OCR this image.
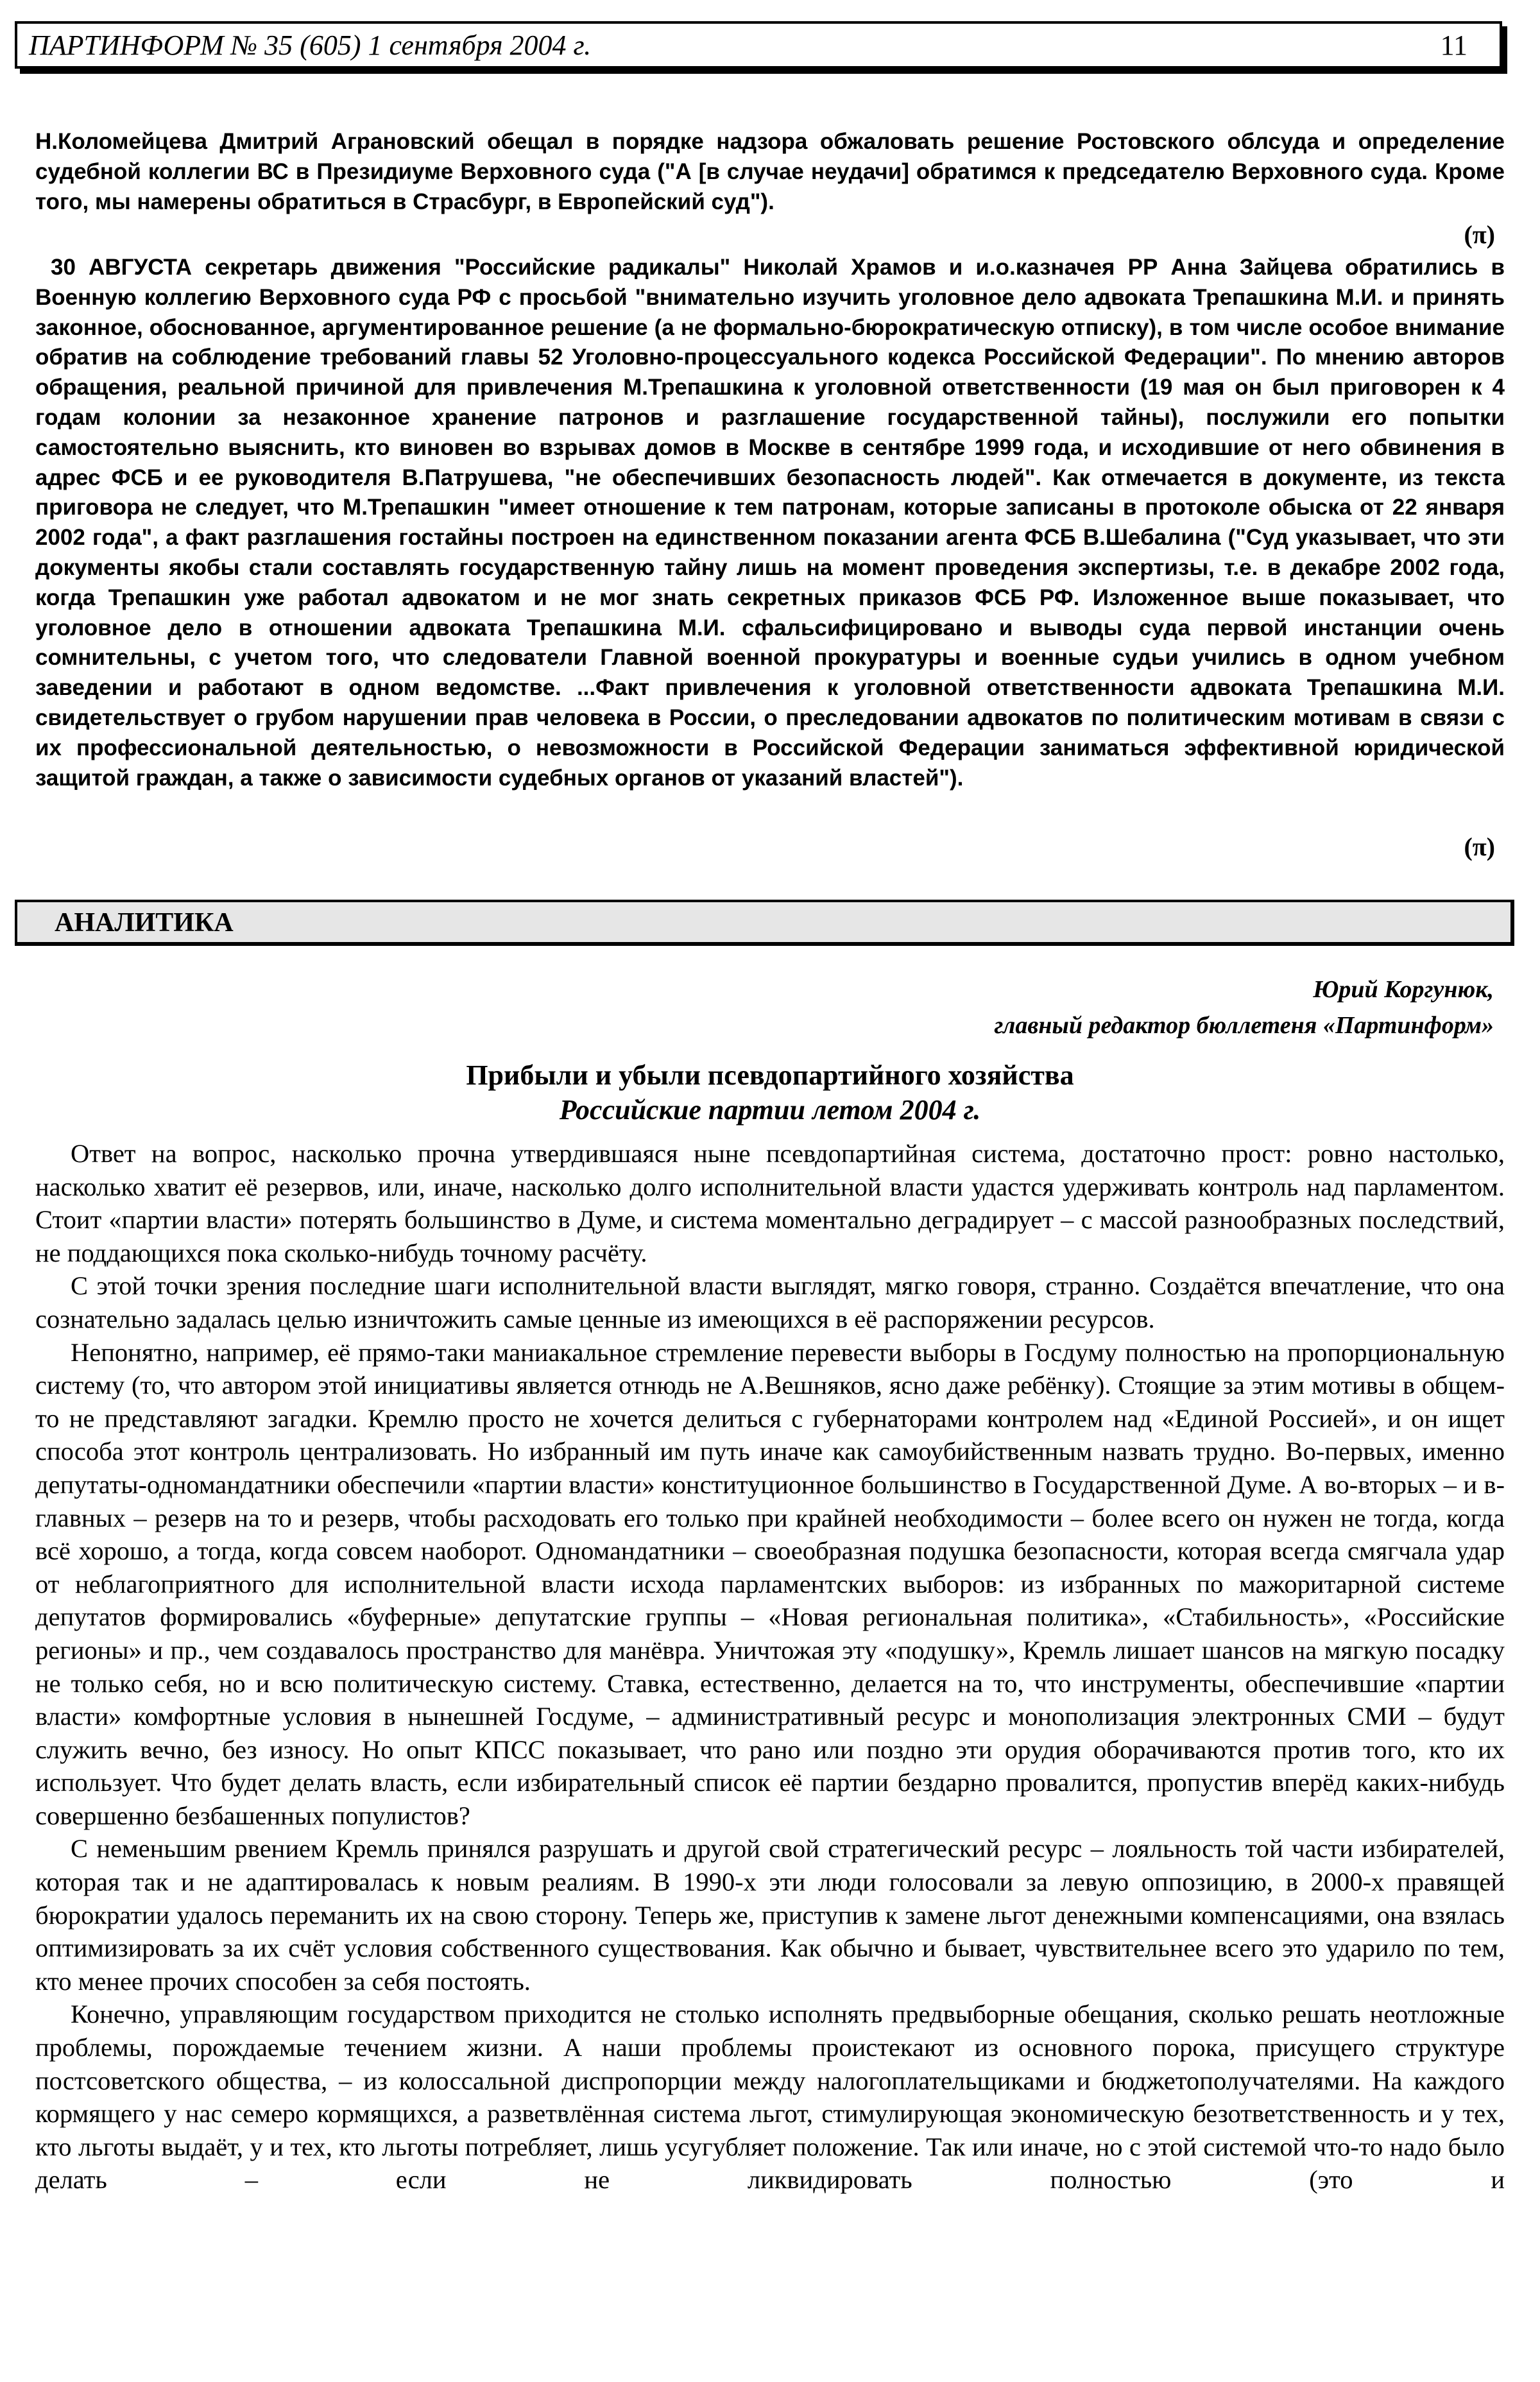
ПАРТИНФОРМ № 35 (605) 1 сентября 2004 г.	11

Н.Коломейцева Дмитрий Аграновский обещал в порядке надзора обжаловать решение Ростовского облсуда и определение судебной коллегии ВС в Президиуме Верховного суда ("А [в случае неудачи] обратимся к председателю Верховного суда. Кроме того, мы намерены обратиться в Страсбург, в Европейский суд").

(π)

30 АВГУСТА секретарь движения "Российские радикалы" Николай Храмов и и.о.казначея РР Анна Зайцева обратились в Военную коллегию Верховного суда РФ с просьбой "внимательно изучить уголовное дело адвоката Трепашкина М.И. и принять законное, обоснованное, аргументированное решение (а не формально-бюрократическую отписку), в том числе особое внимание обратив на соблюдение требований главы 52 Уголовно-процессуального кодекса Российской Федерации". По мнению авторов обращения, реальной причиной для привлечения М.Трепашкина к уголовной ответственности (19 мая он был приговорен к 4 годам колонии за незаконное хранение патронов и разглашение государственной тайны), послужили его попытки самостоятельно выяснить, кто виновен во взрывах домов в Москве в сентябре 1999 года, и исходившие от него обвинения в адрес ФСБ и ее руководителя В.Патрушева, "не обеспечивших безопасность людей". Как отмечается в документе, из текста приговора не следует, что М.Трепашкин "имеет отношение к тем патронам, которые записаны в протоколе обыска от 22 января 2002 года", а факт разглашения гостайны построен на единственном показании агента ФСБ В.Шебалина ("Суд указывает, что эти документы якобы стали составлять государственную тайну лишь на момент проведения экспертизы, т.е. в декабре 2002 года, когда Трепашкин уже работал адвокатом и не мог знать секретных приказов ФСБ РФ. Изложенное выше показывает, что уголовное дело в отношении адвоката Трепашкина М.И. сфальсифицировано и выводы суда первой инстанции очень сомнительны, с учетом того, что следователи Главной военной прокуратуры и военные судьи учились в одном учебном заведении и работают в одном ведомстве. ...Факт привлечения к уголовной ответственности адвоката Трепашкина М.И. свидетельствует о грубом нарушении прав человека в России, о преследовании адвокатов по политическим мотивам в связи с их профессиональной деятельностью, о невозможности в Российской Федерации заниматься эффективной юридической защитой граждан, а также о зависимости судебных органов от указаний властей").

(π)
АНАЛИТИКА
Юрий Коргунюк,
главный редактор бюллетеня «Партинформ»
Прибыли и убыли псевдопартийного хозяйства
Российские партии летом 2004 г.

Ответ на вопрос, насколько прочна утвердившаяся ныне псевдопартийная система, достаточно прост: ровно настолько, насколько хватит её резервов, или, иначе, насколько долго исполнительной власти удастся удерживать контроль над парламентом. Стоит «партии власти» потерять большинство в Думе, и система моментально деградирует – с массой разнообразных последствий, не поддающихся пока сколько-нибудь точному расчёту.

С этой точки зрения последние шаги исполнительной власти выглядят, мягко говоря, странно. Создаётся впечатление, что она сознательно задалась целью изничтожить самые ценные из имеющихся в её распоряжении ресурсов.

Непонятно, например, её прямо-таки маниакальное стремление перевести выборы в Госдуму полностью на пропорциональную систему (то, что автором этой инициативы является отнюдь не А.Вешняков, ясно даже ребёнку). Стоящие за этим мотивы в общем-то не представляют загадки. Кремлю просто не хочется делиться с губернаторами контролем над «Единой Россией», и он ищет способа этот контроль централизовать. Но избранный им путь иначе как самоубийственным назвать трудно. Во-первых, именно депутаты-одномандатники обеспечили «партии власти» конституционное большинство в Государственной Думе. А во-вторых – и в-главных – резерв на то и резерв, чтобы расходовать его только при крайней необходимости – более всего он нужен не тогда, когда всё хорошо, а тогда, когда совсем наоборот. Одномандатники – своеобразная подушка безопасности, которая всегда смягчала удар от неблагоприятного для исполнительной власти исхода парламентских выборов: из избранных по мажоритарной системе депутатов формировались «буферные» депутатские группы – «Новая региональная политика», «Стабильность», «Российские регионы» и пр., чем создавалось пространство для манёвра. Уничтожая эту «подушку», Кремль лишает шансов на мягкую посадку не только себя, но и всю политическую систему. Ставка, естественно, делается на то, что инструменты, обеспечившие «партии власти» комфортные условия в нынешней Госдуме, – административный ресурс и монополизация электронных СМИ – будут служить вечно, без износу. Но опыт КПСС показывает, что рано или поздно эти орудия оборачиваются против того, кто их использует. Что будет делать власть, если избирательный список её партии бездарно провалится, пропустив вперёд каких-нибудь совершенно безбашенных популистов?

С неменьшим рвением Кремль принялся разрушать и другой свой стратегический ресурс – лояльность той части избирателей, которая так и не адаптировалась к новым реалиям. В 1990-х эти люди голосовали за левую оппозицию, в 2000-х правящей бюрократии удалось переманить их на свою сторону. Теперь же, приступив к замене льгот денежными компенсациями, она взялась оптимизировать за их счёт условия собственного существования. Как обычно и бывает, чувствительнее всего это ударило по тем, кто менее прочих способен за себя постоять.

Конечно, управляющим государством приходится не столько исполнять предвыборные обещания, сколько решать неотложные проблемы, порождаемые течением жизни. А наши проблемы проистекают из основного порока, присущего структуре постсоветского общества, – из колоссальной диспропорции между налогоплательщиками и бюджетополучателями. На каждого кормящего у нас семеро кормящихся, а разветвлённая система льгот, стимулирующая экономическую безответственность и у тех, кто льготы выдаёт, у и тех, кто льготы потребляет, лишь усугубляет положение. Так или иначе, но с этой системой что-то надо было делать – если не ликвидировать полностью (это и
